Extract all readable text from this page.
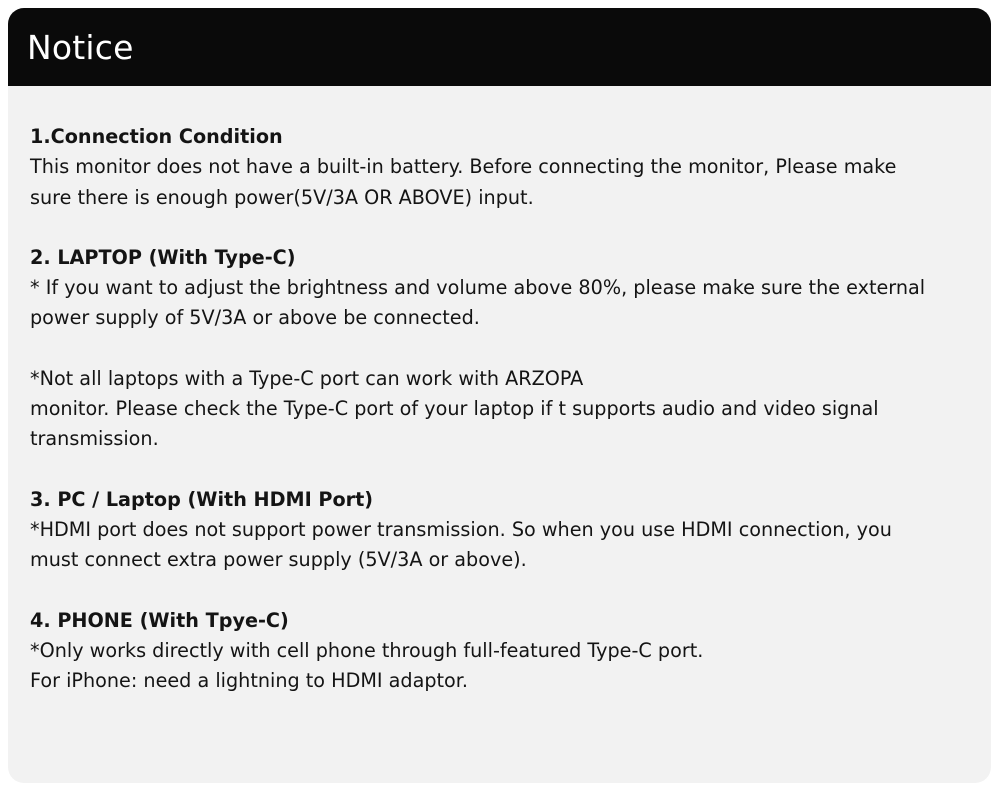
Notice
1.Connection Condition
This monitor does not have a built-in battery. Before connecting the monitor, Please make
sure there is enough power(5V/3A OR ABOVE) input.
2. LAPTOP (With Type-C)
* If you want to adjust the brightness and volume above 80%, please make sure the external
power supply of 5V/3A or above be connected.
*Not all laptops with a Type-C port can work with ARZOPA
monitor. Please check the Type-C port of your laptop if t supports audio and video signal
transmission.
3. PC / Laptop (With HDMI Port)
*HDMI port does not support power transmission. So when you use HDMI connection, you
must connect extra power supply (5V/3A or above).
4. PHONE (With Tpye-C)
*Only works directly with cell phone through full-featured Type-C port.
For iPhone: need a lightning to HDMI adaptor.
